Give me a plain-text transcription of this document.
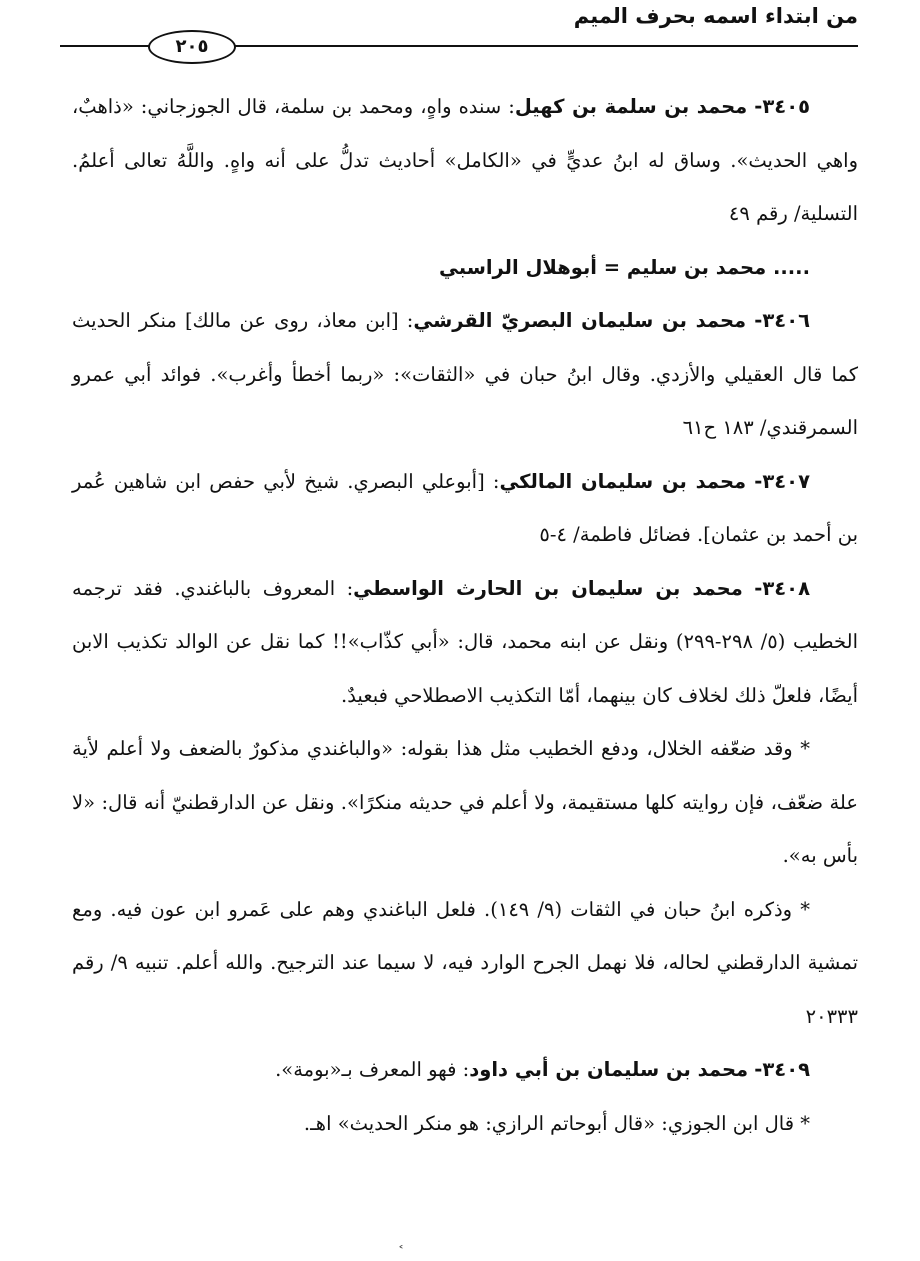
من ابتداء اسمه بحرف الميم
٢٠٥

٣٤٠٥- محمد بن سلمة بن كهيل: سنده واهٍ، ومحمد بن سلمة، قال الجوزجاني: «ذاهبٌ، واهي الحديث». وساق له ابنُ عديٍّ في «الكامل» أحاديث تدلُّ على أنه واهٍ. واللَّهُ تعالى أعلمُ. التسلية/ رقم ٤٩

..... محمد بن سليم = أبوهلال الراسبي

٣٤٠٦- محمد بن سليمان البصريّ القرشي: [ابن معاذ، روى عن مالك] منكر الحديث كما قال العقيلي والأزدي. وقال ابنُ حبان في «الثقات»: «ربما أخطأ وأغرب». فوائد أبي عمرو السمرقندي/ ١٨٣ ح٦١

٣٤٠٧- محمد بن سليمان المالكي: [أبوعلي البصري. شيخ لأبي حفص ابن شاهين عُمر بن أحمد بن عثمان]. فضائل فاطمة/ ٤-٥

٣٤٠٨- محمد بن سليمان بن الحارث الواسطي: المعروف بالباغندي. فقد ترجمه الخطيب (٥/ ٢٩٨-٢٩٩) ونقل عن ابنه محمد، قال: «أبي كذّاب»!! كما نقل عن الوالد تكذيب الابن أيضًا، فلعلّ ذلك لخلاف كان بينهما، أمّا التكذيب الاصطلاحي فبعيدٌ.

* وقد ضعّفه الخلال، ودفع الخطيب مثل هذا بقوله: «والباغندي مذكورٌ بالضعف ولا أعلم لأية علة ضعّف، فإن روايته كلها مستقيمة، ولا أعلم في حديثه منكرًا». ونقل عن الدارقطنيّ أنه قال: «لا بأس به».

* وذكره ابنُ حبان في الثقات (٩/ ١٤٩). فلعل الباغندي وهم على عَمرو ابن عون فيه. ومع تمشية الدارقطني لحاله، فلا نهمل الجرح الوارد فيه، لا سيما عند الترجيح. والله أعلم. تنبيه ٩/ رقم ٢٠٣٣٣

٣٤٠٩- محمد بن سليمان بن أبي داود: فهو المعرف بـ«بومة».

* قال ابن الجوزي: «قال أبوحاتم الرازي: هو منكر الحديث» اهـ.

˂
